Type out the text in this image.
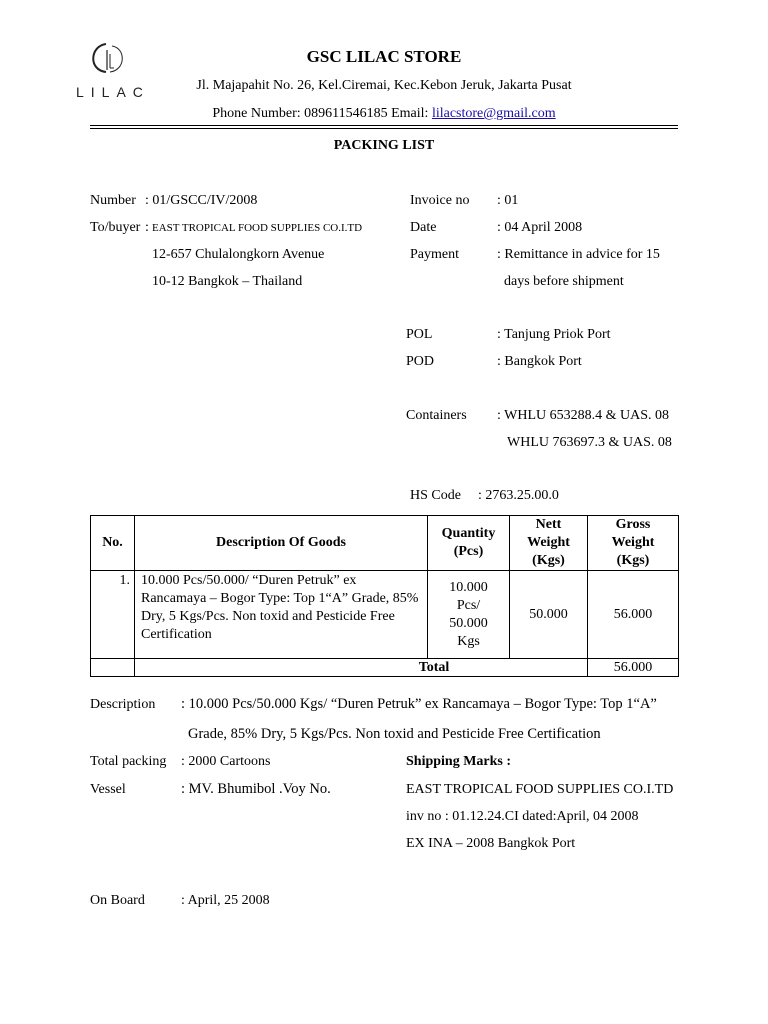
LILAC
GSC LILAC STORE
Jl. Majapahit No. 26, Kel.Ciremai, Kec.Kebon Jeruk, Jakarta Pusat
Phone Number: 089611546185 Email: lilacstore@gmail.com
PACKING LIST
Number : 01/GSCC/IV/2008
To/buyer : EAST TROPICAL FOOD SUPPLIES CO.I.TD
12-657 Chulalongkorn Avenue
10-12 Bangkok – Thailand
Invoice no : 01
Date	: 04 April 2008
Payment	: Remittance in advice for 15
days before shipment
POL	: Tanjung Priok Port
POD	: Bangkok Port
Containers : WHLU 653288.4 & UAS. 08
WHLU 763697.3 & UAS. 08
HS Code : 2763.25.00.0
No.	Description Of Goods	Quantity
(Pcs)	Nett
Weight
(Kgs)	Gross
Weight
(Kgs)
1.	10.000 Pcs/50.000/ “Duren Petruk” ex Rancamaya – Bogor Type: Top 1“A” Grade, 85% Dry, 5 Kgs/Pcs. Non toxid and Pesticide Free Certification	10.000
Pcs/
50.000
Kgs	50.000	56.000
	Total			56.000
Description : 10.000 Pcs/50.000 Kgs/ “Duren Petruk” ex Rancamaya – Bogor Type: Top 1“A”
Grade, 85% Dry, 5 Kgs/Pcs. Non toxid and Pesticide Free Certification
Total packing : 2000 Cartoons
Vessel	: MV. Bhumibol .Voy No.
Shipping Marks :
EAST TROPICAL FOOD SUPPLIES CO.I.TD
inv no : 01.12.24.CI dated:April, 04 2008
EX INA – 2008 Bangkok Port
On Board	: April, 25 2008
